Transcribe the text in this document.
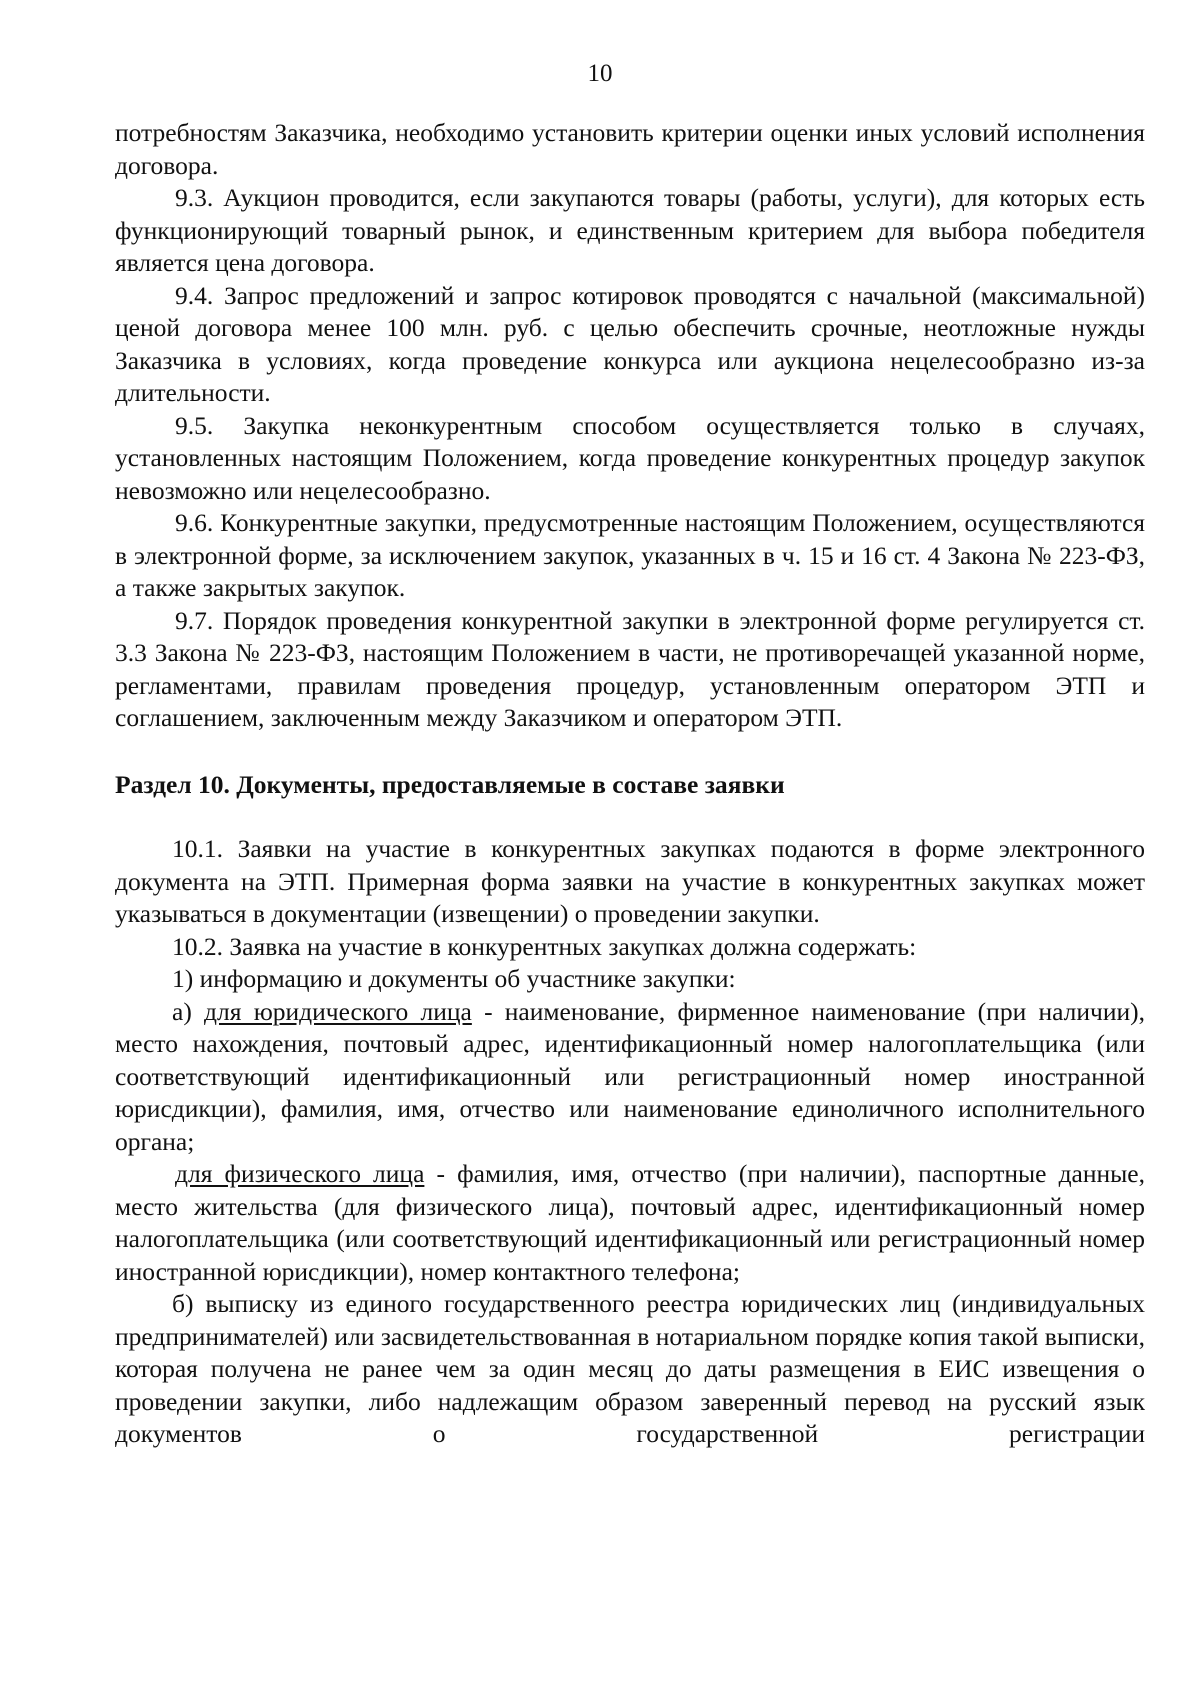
10

потребностям Заказчика, необходимо установить критерии оценки иных условий исполнения договора.

9.3. Аукцион проводится, если закупаются товары (работы, услуги), для которых есть функционирующий товарный рынок, и единственным критерием для выбора победителя является цена договора.

9.4. Запрос предложений и запрос котировок проводятся с начальной (максимальной) ценой договора менее 100 млн. руб. с целью обеспечить срочные, неотложные нужды Заказчика в условиях, когда проведение конкурса или аукциона нецелесообразно из-за длительности.

9.5. Закупка неконкурентным способом осуществляется только в случаях, установленных настоящим Положением, когда проведение конкурентных процедур закупок невозможно или нецелесообразно.

9.6. Конкурентные закупки, предусмотренные настоящим Положением, осуществляются в электронной форме, за исключением закупок, указанных в ч. 15 и 16 ст. 4 Закона № 223-ФЗ, а также закрытых закупок.

9.7. Порядок проведения конкурентной закупки в электронной форме регулируется ст. 3.3 Закона № 223-ФЗ, настоящим Положением в части, не противоречащей указанной норме, регламентами, правилам проведения процедур, установленным оператором ЭТП и соглашением, заключенным между Заказчиком и оператором ЭТП.

Раздел 10. Документы, предоставляемые в составе заявки

10.1. Заявки на участие в конкурентных закупках подаются в форме электронного документа на ЭТП. Примерная форма заявки на участие в конкурентных закупках может указываться в документации (извещении) о проведении закупки.

10.2. Заявка на участие в конкурентных закупках должна содержать:

1) информацию и документы об участнике закупки:

а) для юридического лица - наименование, фирменное наименование (при наличии), место нахождения, почтовый адрес, идентификационный номер налогоплательщика (или соответствующий идентификационный или регистрационный номер иностранной юрисдикции), фамилия, имя, отчество или наименование единоличного исполнительного органа;

для физического лица - фамилия, имя, отчество (при наличии), паспортные данные, место жительства (для физического лица), почтовый адрес, идентификационный номер налогоплательщика (или соответствующий идентификационный или регистрационный номер иностранной юрисдикции), номер контактного телефона;

б) выписку из единого государственного реестра юридических лиц (индивидуальных предпринимателей) или засвидетельствованная в нотариальном порядке копия такой выписки, которая получена не ранее чем за один месяц до даты размещения в ЕИС извещения о проведении закупки, либо надлежащим образом заверенный перевод на русский язык документов о государственной регистрации
